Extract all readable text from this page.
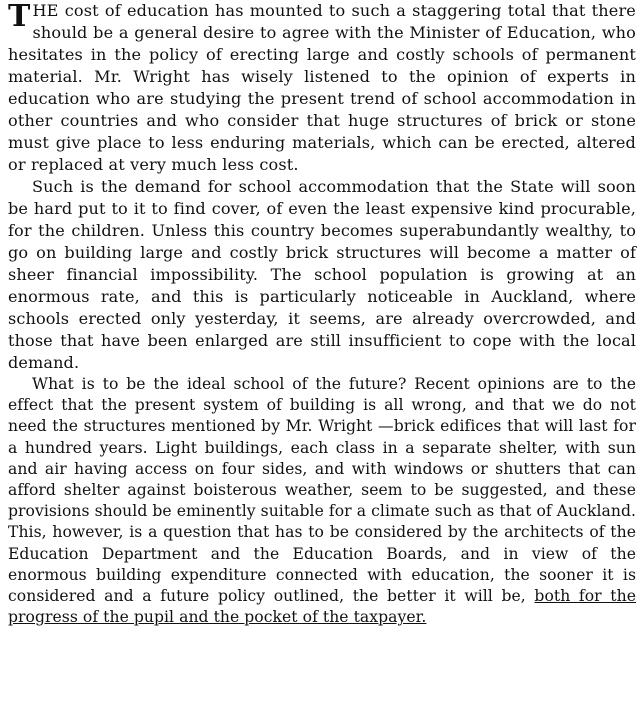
THE cost of education has mounted to such a staggering total that there should be a general desire to agree with the Minister of Education, who hesitates in the policy of erecting large and costly schools of permanent material. Mr. Wright has wisely listened to the opinion of experts in education who are studying the present trend of school accommodation in other countries and who consider that huge structures of brick or stone must give place to less enduring materials, which can be erected, altered or replaced at very much less cost.

Such is the demand for school accommodation that the State will soon be hard put to it to find cover, of even the least expensive kind procurable, for the children. Unless this country becomes superabundantly wealthy, to go on building large and costly brick structures will become a matter of sheer financial impossibility. The school population is growing at an enormous rate, and this is particularly noticeable in Auckland, where schools erected only yesterday, it seems, are already overcrowded, and those that have been enlarged are still insufficient to cope with the local demand.

What is to be the ideal school of the future? Recent opinions are to the effect that the present system of building is all wrong, and that we do not need the structures mentioned by Mr. Wright —brick edifices that will last for a hundred years. Light buildings, each class in a separate shelter, with sun and air having access on four sides, and with windows or shutters that can afford shelter against boisterous weather, seem to be suggested, and these provisions should be eminently suitable for a climate such as that of Auckland. This, however, is a question that has to be considered by the architects of the Education Department and the Education Boards, and in view of the enormous building expenditure connected with education, the sooner it is considered and a future policy outlined, the better it will be, both for the progress of the pupil and the pocket of the taxpayer.
